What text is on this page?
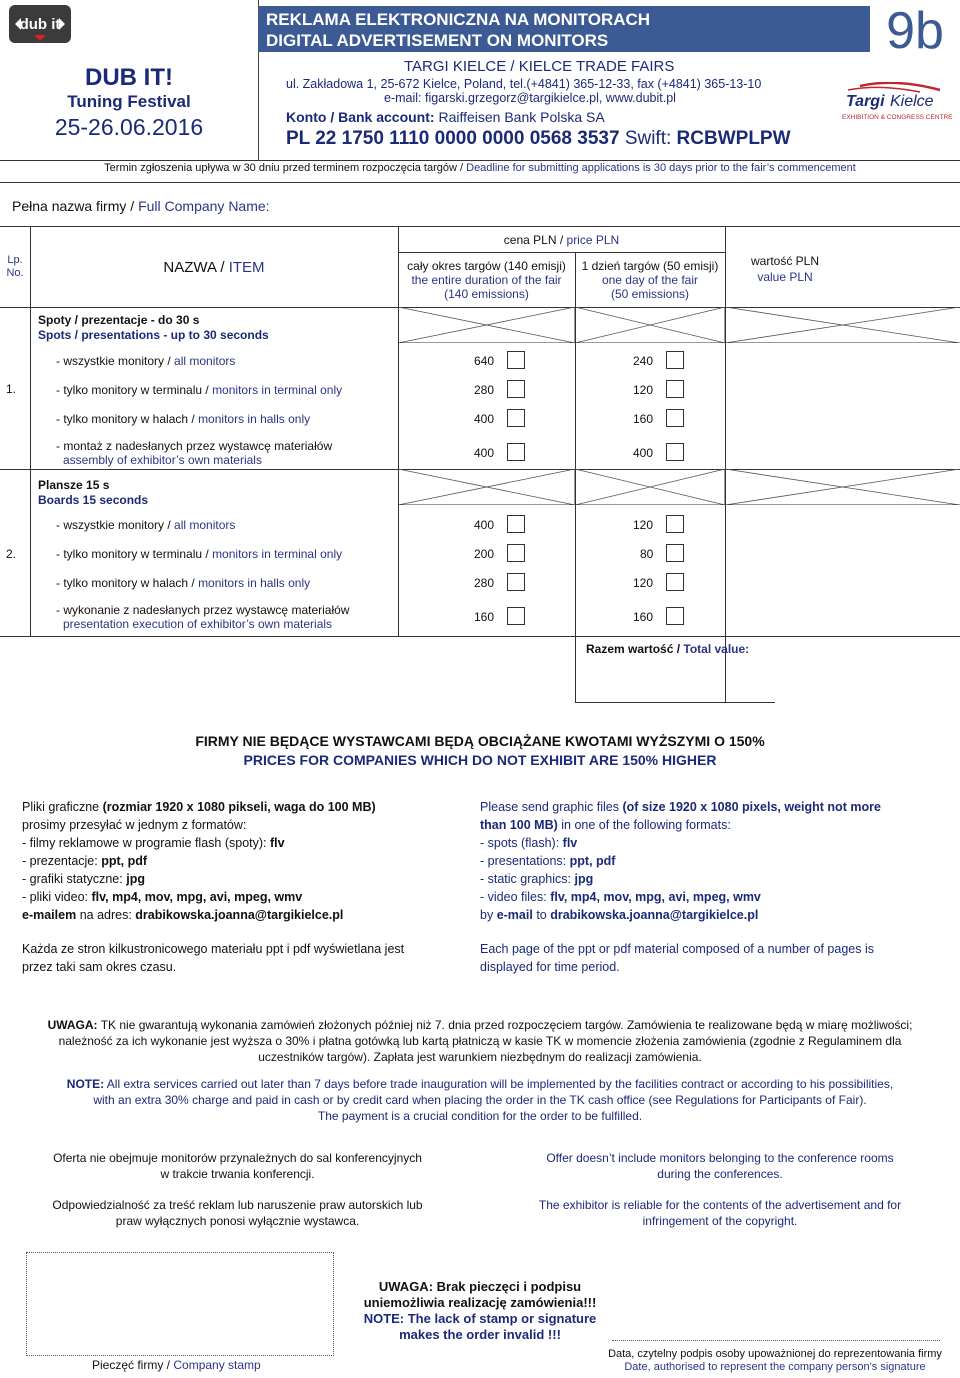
dub it
DUB IT!
Tuning Festival
25-26.06.2016
REKLAMA ELEKTRONICZNA NA MONITORACH
DIGITAL ADVERTISEMENT ON MONITORS	9b
TARGI KIELCE / KIELCE TRADE FAIRS
ul. Zakładowa 1, 25-672 Kielce, Poland, tel.(+4841) 365-12-33, fax (+4841) 365-13-10
e-mail: figarski.grzegorz@targikielce.pl, www.dubit.pl
Konto / Bank account: Raiffeisen Bank Polska SA
PL 22 1750 1110 0000 0000 0568 3537 Swift: RCBWPLPW
Targi Kielce
EXHIBITION & CONGRESS CENTRE
Termin zgłoszenia upływa w 30 dniu przed terminem rozpoczęcia targów / Deadline for submitting applications is 30 days prior to the fair’s commencement
Pełna nazwa firmy / Full Company Name:
Lp.
No.	NAZWA / ITEM
cena PLN / price PLN
cały okres targów (140 emisji)
the entire duration of the fair
(140 emissions)
1 dzień targów (50 emisji)
one day of the fair
(50 emissions)
wartość PLN
value PLN
Spoty / prezentacje - do 30 s
Spots / presentations - up to 30 seconds
1.
- wszystkie monitory / all monitors	640	240
- tylko monitory w terminalu / monitors in terminal only	280	120
- tylko monitory w halach / monitors in halls only	400	160
- montaż z nadesłanych przez wystawcę materiałów
assembly of exhibitor’s own materials	400	400
Plansze 15 s
Boards 15 seconds
2.
- wszystkie monitory / all monitors	400	120
- tylko monitory w terminalu / monitors in terminal only	200	80
- tylko monitory w halach / monitors in halls only	280	120
- wykonanie z nadesłanych przez wystawcę materiałów
presentation execution of exhibitor’s own materials	160	160
Razem wartość / Total value:
FIRMY NIE BĘDĄCE WYSTAWCAMI BĘDĄ OBCIĄŻANE KWOTAMI WYŻSZYMI O 150%
PRICES FOR COMPANIES WHICH DO NOT EXHIBIT ARE 150% HIGHER
Pliki graficzne (rozmiar 1920 x 1080 pikseli, waga do 100 MB)
prosimy przesyłać w jednym z formatów:
- filmy reklamowe w programie flash (spoty): flv
- prezentacje: ppt, pdf
- grafiki statyczne: jpg
- pliki video: flv, mp4, mov, mpg, avi, mpeg, wmv
e-mailem na adres: drabikowska.joanna@targikielce.pl
Każda ze stron kilkustronicowego materiału ppt i pdf wyświetlana jest
przez taki sam okres czasu.
Please send graphic files (of size 1920 x 1080 pixels, weight not more
than 100 MB) in one of the following formats:
- spots (flash): flv
- presentations: ppt, pdf
- static graphics: jpg
- video files: flv, mp4, mov, mpg, avi, mpeg, wmv
by e-mail to drabikowska.joanna@targikielce.pl
Each page of the ppt or pdf material composed of a number of pages is
displayed for time period.
UWAGA: TK nie gwarantują wykonania zamówień złożonych później niż 7. dnia przed rozpoczęciem targów. Zamówienia te realizowane będą w miarę możliwości;
należność za ich wykonanie jest wyższa o 30% i płatna gotówką lub kartą płatniczą w kasie TK w momencie złożenia zamówienia (zgodnie z Regulaminem dla
uczestników targów). Zapłata jest warunkiem niezbędnym do realizacji zamówienia.
NOTE: All extra services carried out later than 7 days before trade inauguration will be implemented by the facilities contract or according to his possibilities,
with an extra 30% charge and paid in cash or by credit card when placing the order in the TK cash office (see Regulations for Participants of Fair).
The payment is a crucial condition for the order to be fulfilled.
Oferta nie obejmuje monitorów przynależnych do sal konferencyjnych
w trakcie trwania konferencji.
Offer doesn’t include monitors belonging to the conference rooms
during the conferences.
Odpowiedzialność za treść reklam lub naruszenie praw autorskich lub
praw wyłącznych ponosi wyłącznie wystawca.
The exhibitor is reliable for the contents of the advertisement and for
infringement of the copyright.
Pieczęć firmy / Company stamp
UWAGA: Brak pieczęci i podpisu
uniemożliwia realizację zamówienia!!!
NOTE: The lack of stamp or signature
makes the order invalid !!!
Data, czytelny podpis osoby upoważnionej do reprezentowania firmy
Date, authorised to represent the company person’s signature
